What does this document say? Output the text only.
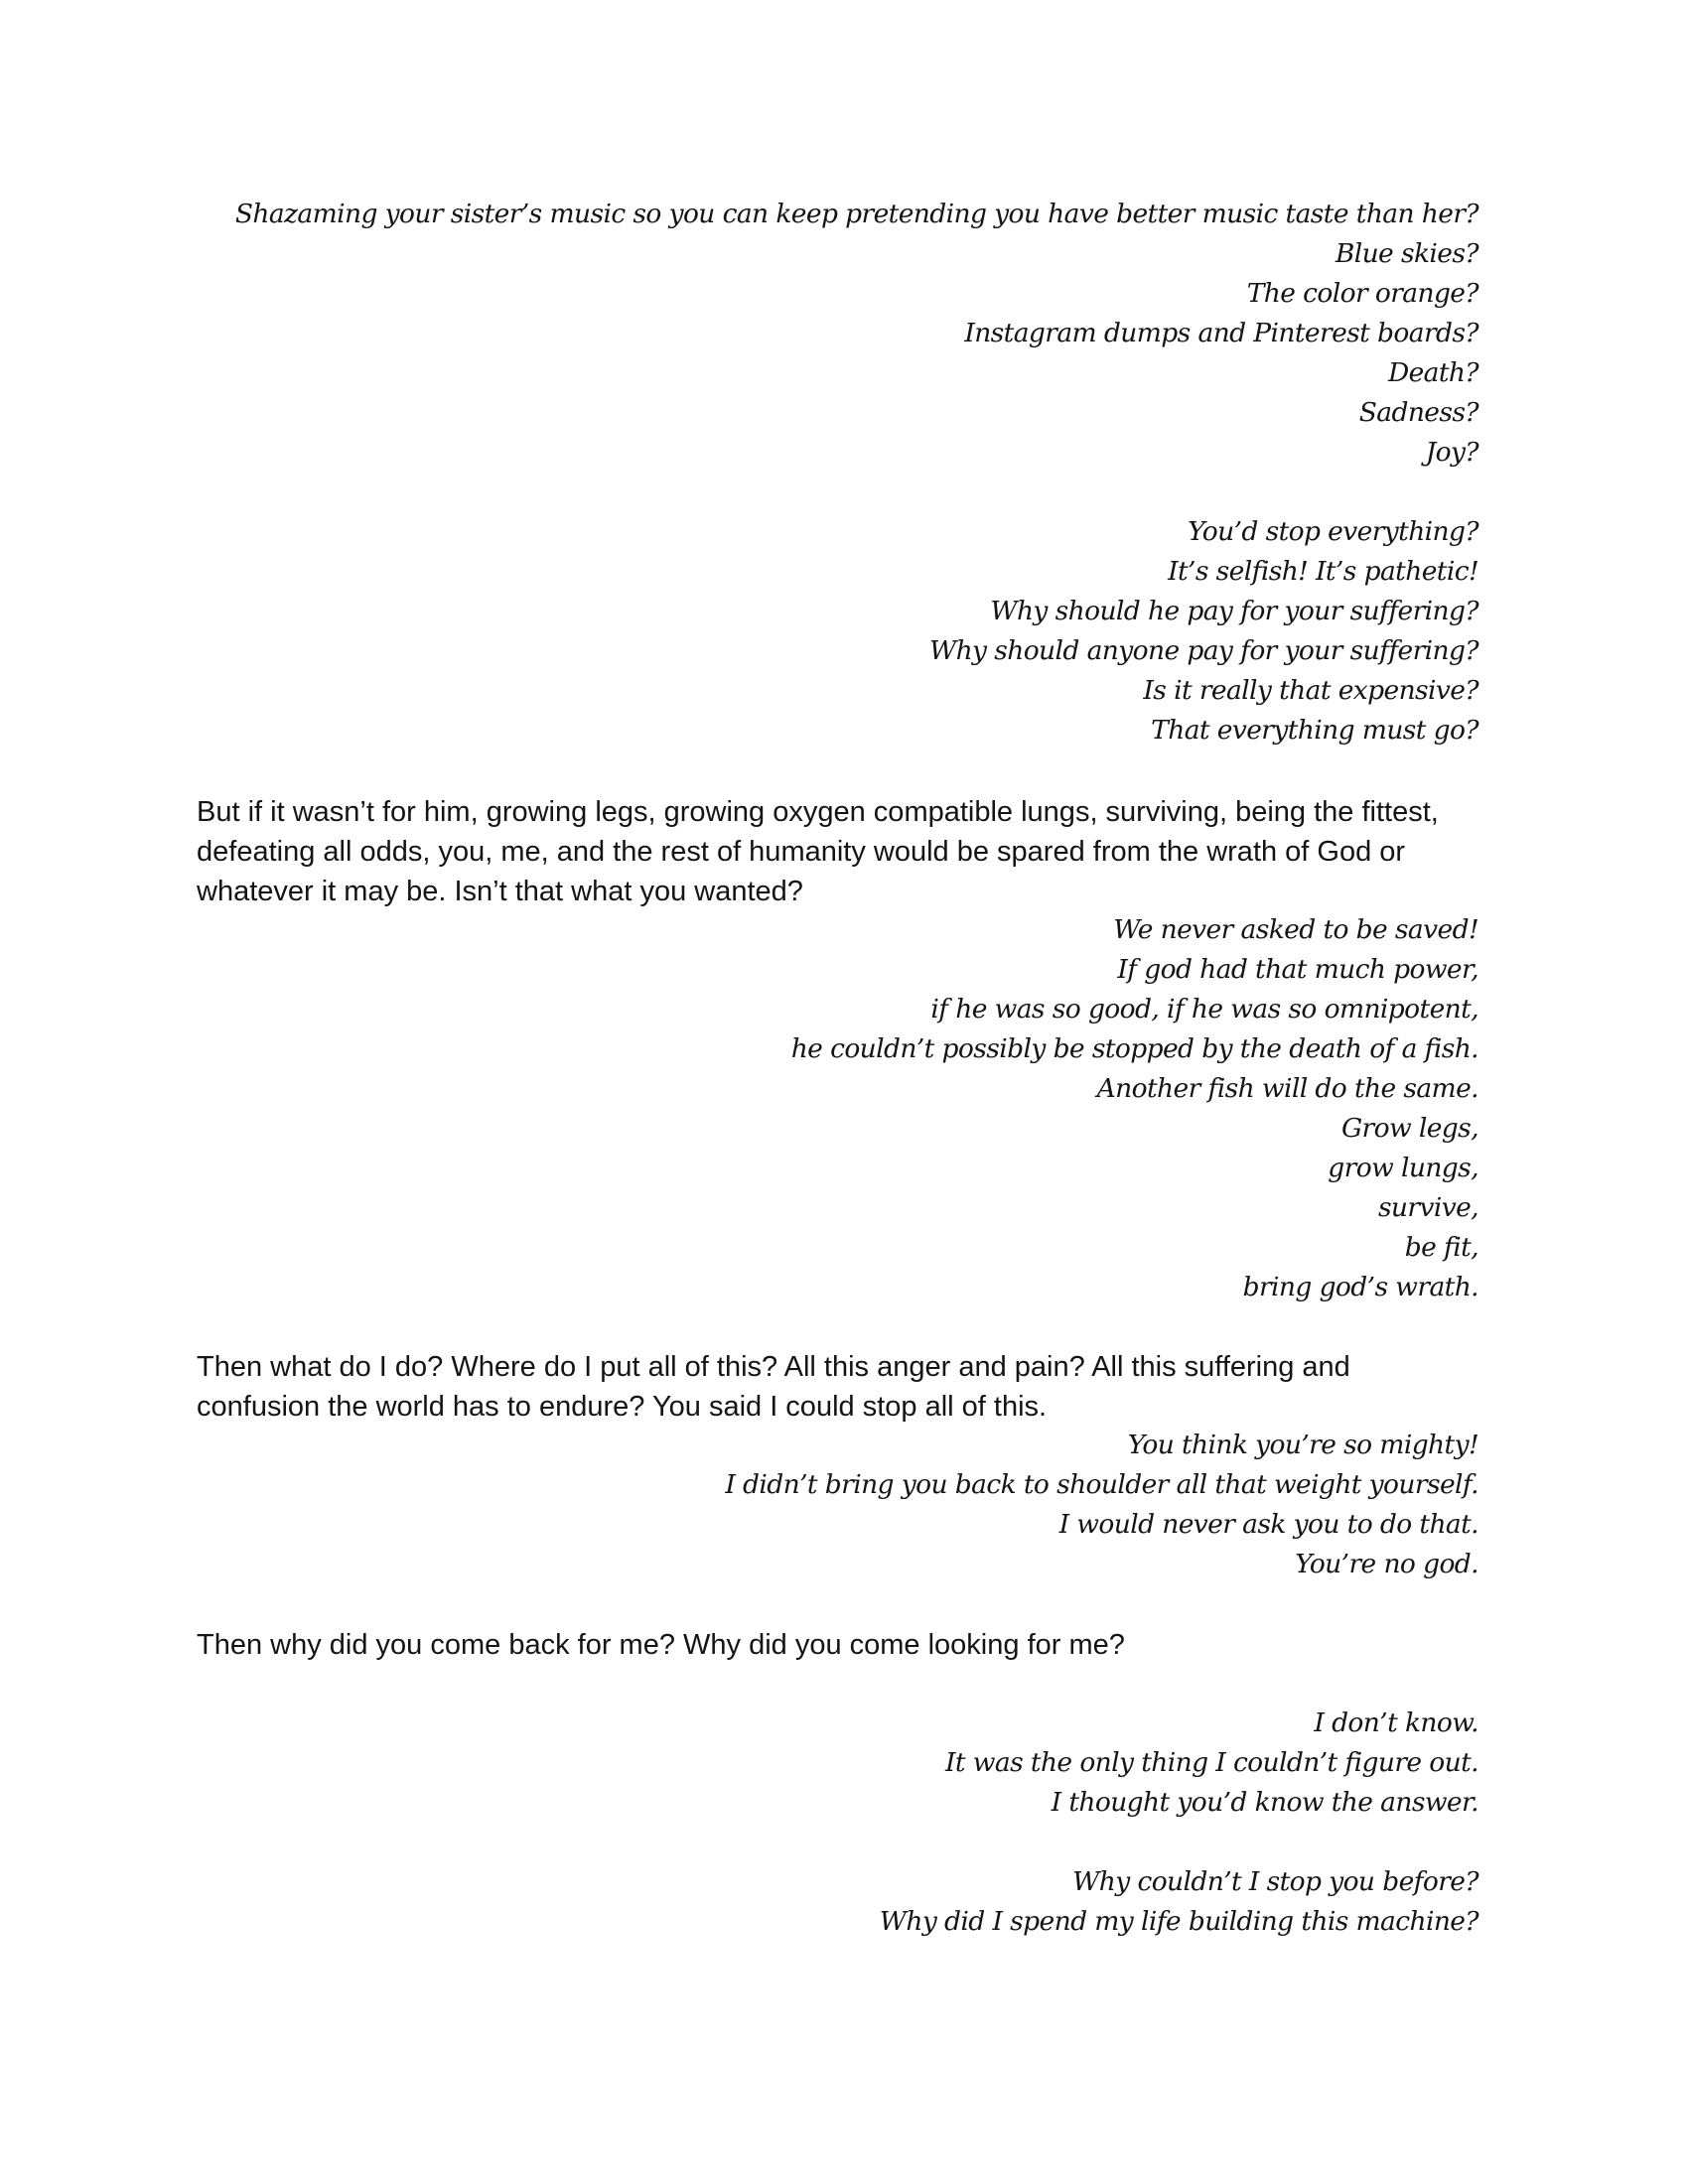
Shazaming your sister’s music so you can keep pretending you have better music taste than her?
Blue skies?
The color orange?
Instagram dumps and Pinterest boards?
Death?
Sadness?
Joy?
You’d stop everything?
It’s selfish! It’s pathetic!
Why should he pay for your suffering?
Why should anyone pay for your suffering?
Is it really that expensive?
That everything must go?
But if it wasn’t for him, growing legs, growing oxygen compatible lungs, surviving, being the fittest, defeating all odds, you, me, and the rest of humanity would be spared from the wrath of God or whatever it may be. Isn’t that what you wanted?
We never asked to be saved!
If god had that much power,
if he was so good, if he was so omnipotent,
he couldn’t possibly be stopped by the death of a fish.
Another fish will do the same.
Grow legs,
grow lungs,
survive,
be fit,
bring god’s wrath.
Then what do I do? Where do I put all of this? All this anger and pain? All this suffering and confusion the world has to endure? You said I could stop all of this.
You think you’re so mighty!
I didn’t bring you back to shoulder all that weight yourself.
I would never ask you to do that.
You’re no god.
Then why did you come back for me? Why did you come looking for me?
I don’t know.
It was the only thing I couldn’t figure out.
I thought you’d know the answer.
Why couldn’t I stop you before?
Why did I spend my life building this machine?
